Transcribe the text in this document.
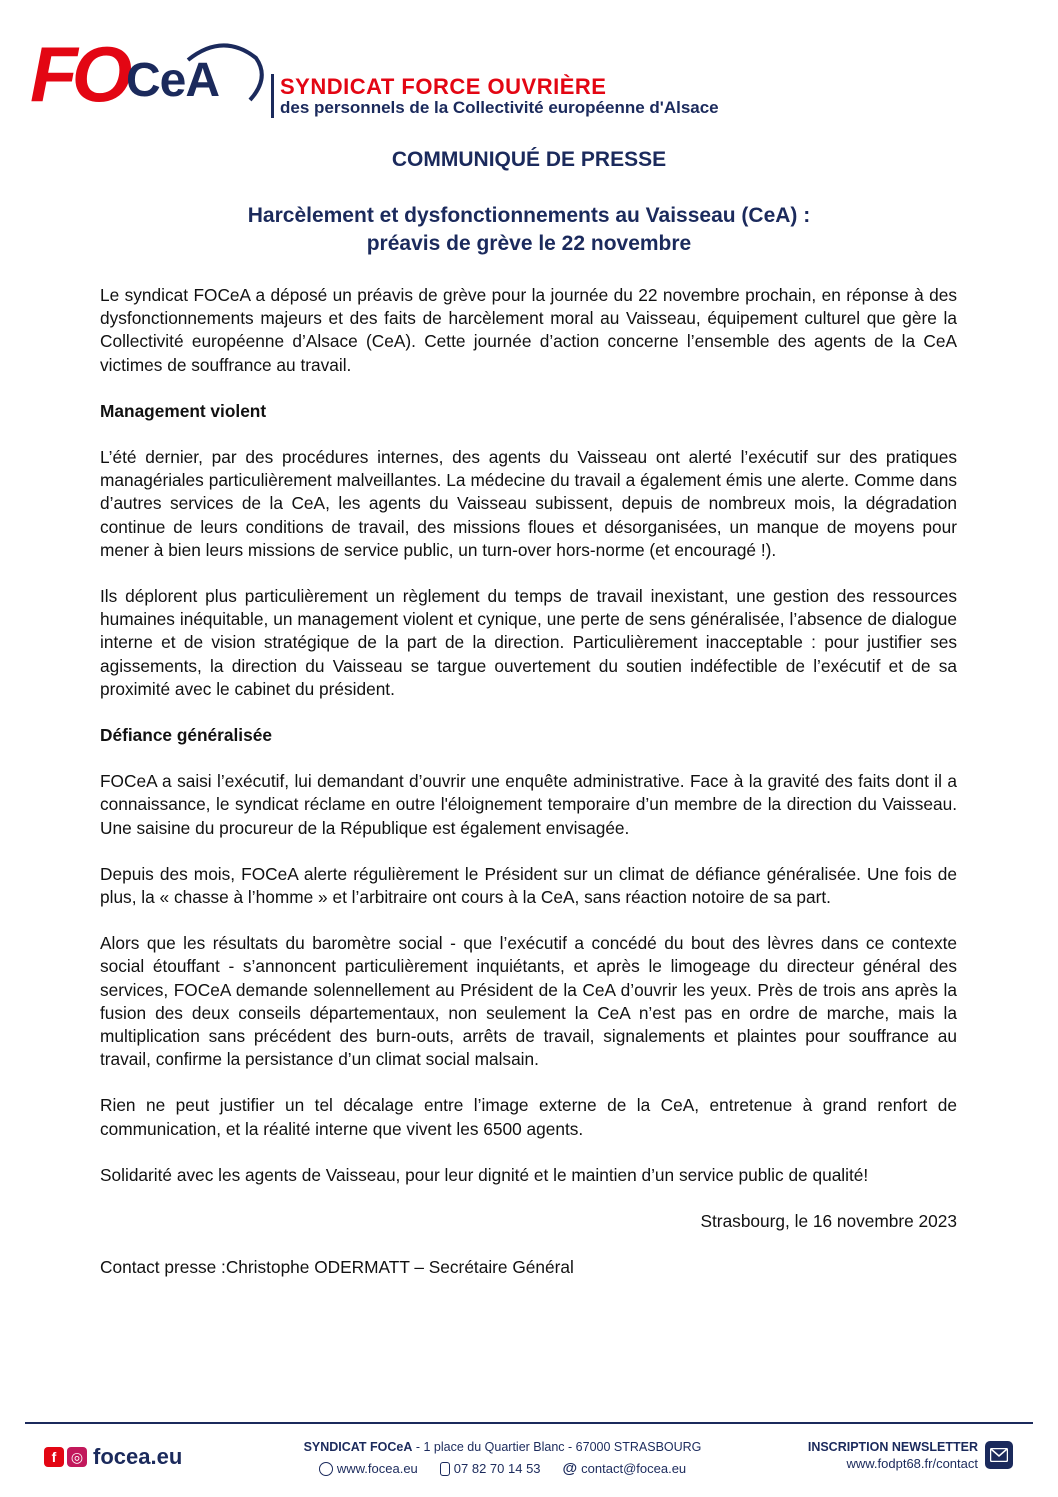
FO CeA	SYNDICAT FORCE OUVRIÈRE
des personnels de la Collectivité européenne d'Alsace
COMMUNIQUÉ DE PRESSE
Harcèlement et dysfonctionnements au Vaisseau (CeA) :
préavis de grève le 22 novembre

Le syndicat FOCeA a déposé un préavis de grève pour la journée du 22 novembre prochain, en réponse à des dysfonctionnements majeurs et des faits de harcèlement moral au Vaisseau, équipement culturel que gère la Collectivité européenne d’Alsace (CeA). Cette journée d’action concerne l’ensemble des agents de la CeA victimes de souffrance au travail.

Management violent

L’été dernier, par des procédures internes, des agents du Vaisseau ont alerté l’exécutif sur des pratiques managériales particulièrement malveillantes. La médecine du travail a également émis une alerte. Comme dans d’autres services de la CeA, les agents du Vaisseau subissent, depuis de nombreux mois, la dégradation continue de leurs conditions de travail, des missions floues et désorganisées, un manque de moyens pour mener à bien leurs missions de service public, un turn-over hors-norme (et encouragé !).

Ils déplorent plus particulièrement un règlement du temps de travail inexistant, une gestion des ressources humaines inéquitable, un management violent et cynique, une perte de sens généralisée, l’absence de dialogue interne et de vision stratégique de la part de la direction. Particulièrement inacceptable : pour justifier ses agissements, la direction du Vaisseau se targue ouvertement du soutien indéfectible de l’exécutif et de sa proximité avec le cabinet du président.

Défiance généralisée

FOCeA a saisi l’exécutif, lui demandant d’ouvrir une enquête administrative. Face à la gravité des faits dont il a connaissance, le syndicat réclame en outre l'éloignement temporaire d’un membre de la direction du Vaisseau. Une saisine du procureur de la République est également envisagée.

Depuis des mois, FOCeA alerte régulièrement le Président sur un climat de défiance généralisée. Une fois de plus, la « chasse à l’homme » et l’arbitraire ont cours à la CeA, sans réaction notoire de sa part.

Alors que les résultats du baromètre social - que l’exécutif a concédé du bout des lèvres dans ce contexte social étouffant - s’annoncent particulièrement inquiétants, et après le limogeage du directeur général des services, FOCeA demande solennellement au Président de la CeA d’ouvrir les yeux. Près de trois ans après la fusion des deux conseils départementaux, non seulement la CeA n’est pas en ordre de marche, mais la multiplication sans précédent des burn-outs, arrêts de travail, signalements et plaintes pour souffrance au travail, confirme la persistance d’un climat social malsain.

Rien ne peut justifier un tel décalage entre l’image externe de la CeA, entretenue à grand renfort de communication, et la réalité interne que vivent les 6500 agents.

Solidarité avec les agents de Vaisseau, pour leur dignité et le maintien d’un service public de qualité!

Strasbourg, le 16 novembre 2023

Contact presse :Christophe ODERMATT – Secrétaire Général

f	◎ focea.eu	SYNDICAT FOCeA - 1 place du Quartier Blanc - 67000 STRASBOURG
www.focea.eu	07 82 70 14 53 @ contact@focea.eu
INSCRIPTION NEWSLETTER
www.fodpt68.fr/contact
